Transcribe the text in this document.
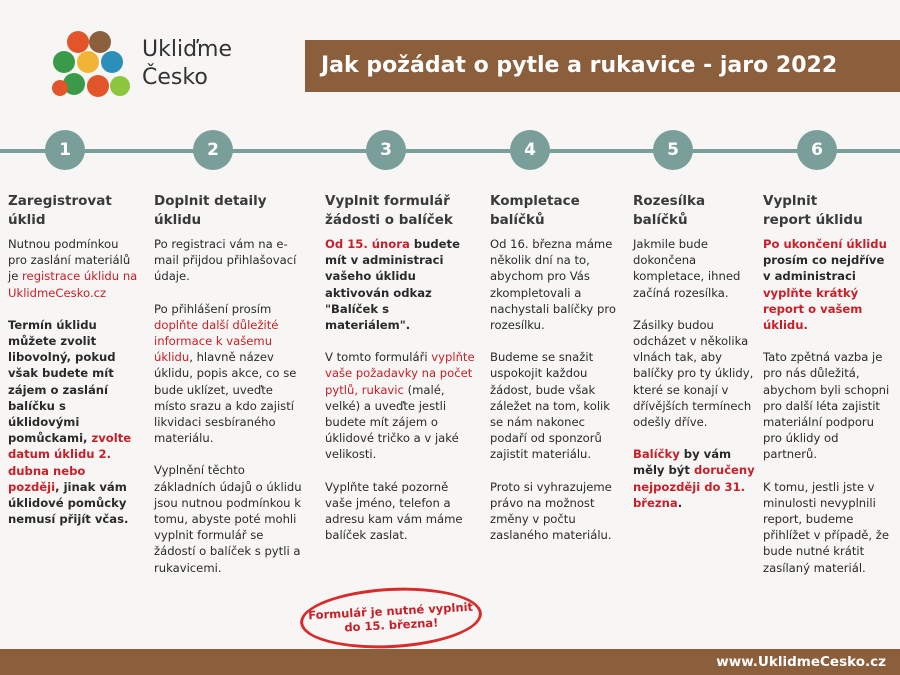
Ukliďme
Česko	Jak požádat o pytle a rukavice - jaro 2022
1	2	3	4	5	6
Zaregistrovat
úklid

Nutnou podmínkou pro zaslání materiálů je registrace úklidu na UklidmeCesko.cz

Termín úklidu můžete zvolit libovolný, pokud však budete mít zájem o zaslání balíčku s úklidovými pomůckami, zvolte datum úklidu 2. dubna nebo později, jinak vám úklidové pomůcky nemusí přijít včas.

Doplnit detaily
úklidu

Po registraci vám na e-mail přijdou přihlašovací údaje.

Po přihlášení prosím doplňte další důležité informace k vašemu úklidu, hlavně název úklidu, popis akce, co se bude uklízet, uveďte místo srazu a kdo zajistí likvidaci sesbíraného materiálu.

Vyplnění těchto základních údajů o úklidu jsou nutnou podmínkou k tomu, abyste poté mohli vyplnit formulář se žádostí o balíček s pytli a rukavicemi.

Vyplnit formulář
žádosti o balíček

Od 15. února budete mít v administraci vašeho úklidu aktivován odkaz "Balíček s materiálem".

V tomto formuláři vyplňte vaše požadavky na počet pytlů, rukavic (malé, velké) a uveďte jestli budete mít zájem o úklidové tričko a v jaké velikosti.

Vyplňte také pozorně vaše jméno, telefon a adresu kam vám máme balíček zaslat.

Formulář je nutné vyplnit do 15. března!
Kompletace
balíčků

Od 16. března máme několik dní na to, abychom pro Vás zkompletovali a nachystali balíčky pro rozesílku.

Budeme se snažit uspokojit každou žádost, bude však záležet na tom, kolik se nám nakonec podaří od sponzorů zajistit materiálu.

Proto si vyhrazujeme právo na možnost změny v počtu zaslaného materiálu.

Rozesílka
balíčků

Jakmile bude dokončena kompletace, ihned začíná rozesílka.

Zásilky budou odcházet v několika vlnách tak, aby balíčky pro ty úklidy, které se konají v dřívějších termínech odešly dříve.

Balíčky by vám měly být doručeny nejpozději do 31. března.

Vyplnit
report úklidu

Po ukončení úklidu prosím co nejdříve v administraci vyplňte krátký report o vašem úklidu.

Tato zpětná vazba je pro nás důležitá, abychom byli schopni pro další léta zajistit materiální podporu pro úklidy od partnerů.

K tomu, jestli jste v minulosti nevyplnili report, budeme přihlížet v případě, že bude nutné krátit zasílaný materiál.

www.UklidmeCesko.cz
